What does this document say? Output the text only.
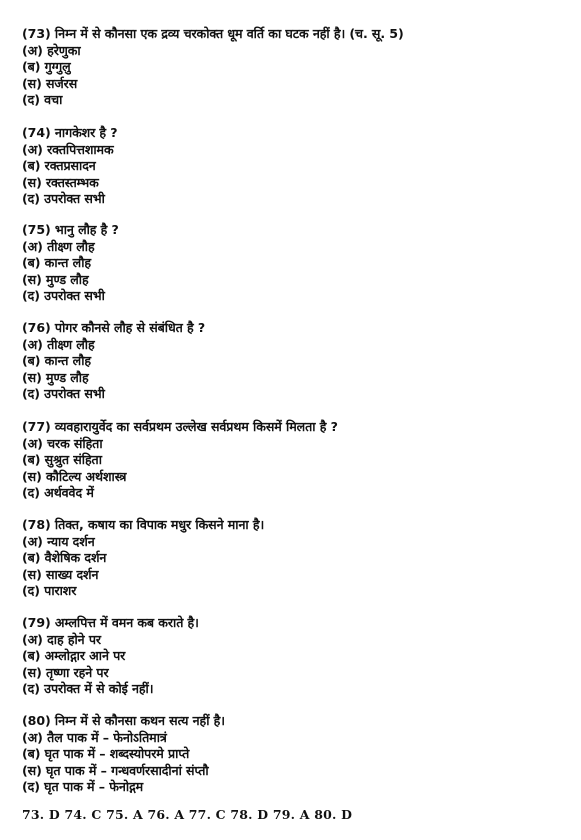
(73) निम्न में से कौनसा एक द्रव्य चरकोक्त धूम वर्ति का घटक नहीं है। (च. सू. 5)
(अ) हरेणुका
(ब) गुग्गुलु
(स) सर्जरस
(द) वचा
(74) नागकेशर है ?
(अ) रक्तपित्तशामक
(ब) रक्तप्रसादन
(स) रक्तस्तम्भक
(द) उपरोक्त सभी
(75) भानु लौह है ?
(अ) तीक्ष्ण लौह
(ब) कान्त लौह
(स) मुण्ड लौह
(द) उपरोक्त सभी
(76) पोगर कौनसे लौह से संबंधित है ?
(अ) तीक्ष्ण लौह
(ब) कान्त लौह
(स) मुण्ड लौह
(द) उपरोक्त सभी
(77) व्यवहारायुर्वेद का सर्वप्रथम उल्लेख सर्वप्रथम किसमें मिलता है ?
(अ) चरक संहिता
(ब) सुश्रुत संहिता
(स) कौटिल्य अर्थशास्त्र
(द) अर्थववेद में
(78) तिक्त, कषाय का विपाक मधुर किसने माना है।
(अ) न्याय दर्शन
(ब) वैशेषिक दर्शन
(स) साख्य दर्शन
(द) पाराशर
(79) अम्लपित्त में वमन कब कराते है।
(अ) दाह होने पर
(ब) अम्लोद्गार आने पर
(स) तृष्णा रहने पर
(द) उपरोक्त में से कोई नहीं।
(80) निम्न में से कौनसा कथन सत्य नहीं है।
(अ) तैल पाक में – फेनोऽतिमात्रं
(ब) घृत पाक में – शब्दस्योपरमे प्राप्ते
(स) घृत पाक में – गन्धवर्णरसादीनां संप्तौ
(द) घृत पाक में – फेनोद्गम
73. D 74. C 75. A 76. A 77. C 78. D 79. A 80. D
